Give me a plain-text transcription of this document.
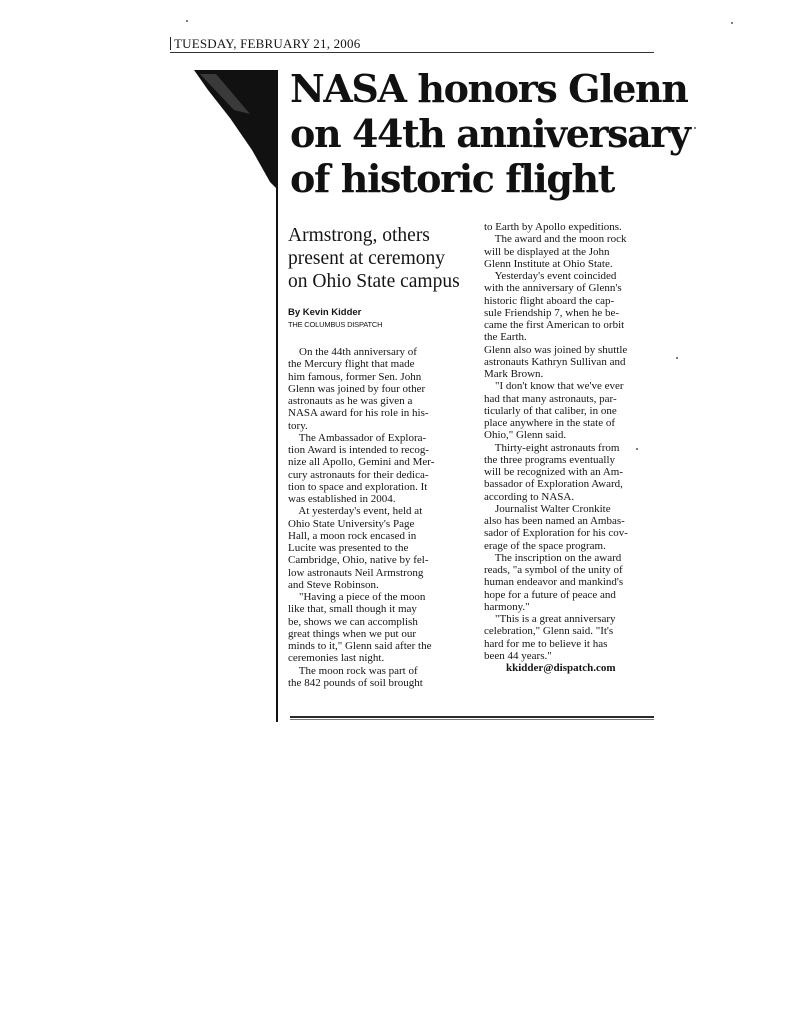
TUESDAY, FEBRUARY 21, 2006
NASA honors Glenn
on 44th anniversary
of historic flight
Armstrong, others
present at ceremony
on Ohio State campus
By Kevin Kidder
THE COLUMBUS DISPATCH
On the 44th anniversary of
the Mercury flight that made
him famous, former Sen. John
Glenn was joined by four other
astronauts as he was given a
NASA award for his role in his-
tory.
The Ambassador of Explora-
tion Award is intended to recog-
nize all Apollo, Gemini and Mer-
cury astronauts for their dedica-
tion to space and exploration. It
was established in 2004.
At yesterday's event, held at
Ohio State University's Page
Hall, a moon rock encased in
Lucite was presented to the
Cambridge, Ohio, native by fel-
low astronauts Neil Armstrong
and Steve Robinson.
"Having a piece of the moon
like that, small though it may
be, shows we can accomplish
great things when we put our
minds to it," Glenn said after the
ceremonies last night.
The moon rock was part of
the 842 pounds of soil brought
to Earth by Apollo expeditions.
The award and the moon rock
will be displayed at the John
Glenn Institute at Ohio State.
Yesterday's event coincided
with the anniversary of Glenn's
historic flight aboard the cap-
sule Friendship 7, when he be-
came the first American to orbit
the Earth.
Glenn also was joined by shuttle
astronauts Kathryn Sullivan and
Mark Brown.
"I don't know that we've ever
had that many astronauts, par-
ticularly of that caliber, in one
place anywhere in the state of
Ohio," Glenn said.
Thirty-eight astronauts from
the three programs eventually
will be recognized with an Am-
bassador of Exploration Award,
according to NASA.
Journalist Walter Cronkite
also has been named an Ambas-
sador of Exploration for his cov-
erage of the space program.
The inscription on the award
reads, "a symbol of the unity of
human endeavor and mankind's
hope for a future of peace and
harmony."
"This is a great anniversary
celebration," Glenn said. "It's
hard for me to believe it has
been 44 years."
kkidder@dispatch.com
